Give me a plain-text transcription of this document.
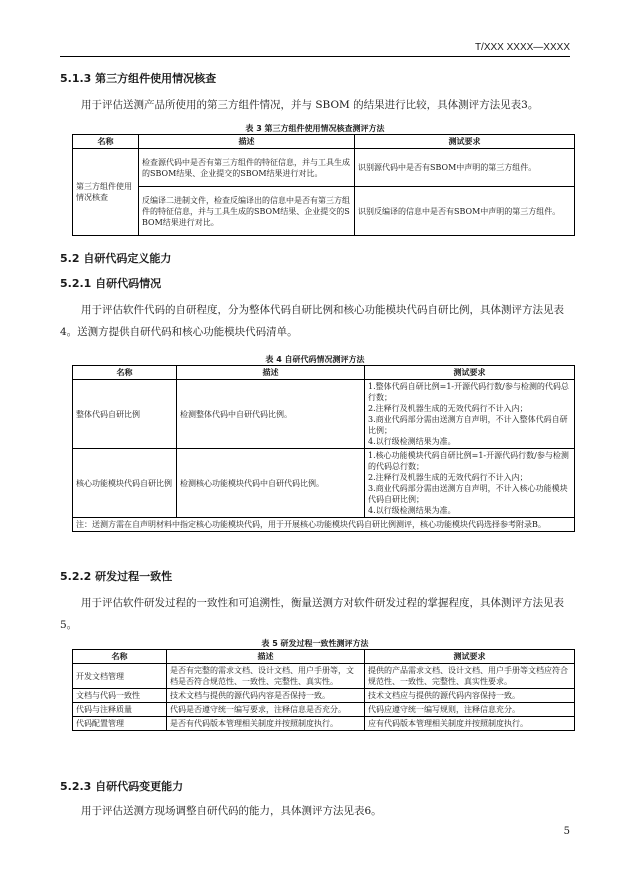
T/XXX XXXX—XXXX
5.1.3 第三方组件使用情况核查

用于评估送测产品所使用的第三方组件情况，并与 SBOM 的结果进行比较，具体测评方法见表3。

表 3 第三方组件使用情况核查测评方法
名称	描述	测试要求
第三方组件使用情况核查	检查源代码中是否有第三方组件的特征信息，并与工具生成的SBOM结果、企业提交的SBOM结果进行对比。	识别源代码中是否有SBOM中声明的第三方组件。
	反编译二进制文件，检查反编译出的信息中是否有第三方组件的特征信息，并与工具生成的SBOM结果、企业提交的SBOM结果进行对比。	识别反编译的信息中是否有SBOM中声明的第三方组件。
5.2 自研代码定义能力
5.2.1 自研代码情况

用于评估软件代码的自研程度，分为整体代码自研比例和核心功能模块代码自研比例，具体测评方法见表4。送测方提供自研代码和核心功能模块代码清单。

表 4 自研代码情况测评方法
名称	描述	测试要求
整体代码自研比例	检测整体代码中自研代码比例。	1.整体代码自研比例=1-开源代码行数/参与检测的代码总行数；
2.注释行及机器生成的无效代码行不计入内；
3.商业代码部分需由送测方自声明，不计入整体代码自研比例；
4.以行级检测结果为准。

核心功能模块代码自研比例	检测核心功能模块代码中自研代码比例。	1.核心功能模块代码自研比例=1-开源代码行数/参与检测的代码总行数；
2.注释行及机器生成的无效代码行不计入内；
3.商业代码部分需由送测方自声明，不计入核心功能模块代码自研比例；
4.以行级检测结果为准。

注：送测方需在自声明材料中指定核心功能模块代码，用于开展核心功能模块代码自研比例测评，核心功能模块代码选择参考附录B。		
5.2.2 研发过程一致性

用于评估软件研发过程的一致性和可追溯性，衡量送测方对软件研发过程的掌握程度，具体测评方法见表5。

表 5 研发过程一致性测评方法
名称	描述	测试要求
开发文档管理	是否有完整的需求文档、设计文档、用户手册等，文档是否符合规范性、一致性、完整性、真实性。	提供的产品需求文档、设计文档、用户手册等文档应符合规范性、一致性、完整性、真实性要求。
文档与代码一致性	技术文档与提供的源代码内容是否保持一致。	技术文档应与提供的源代码内容保持一致。
代码与注释质量	代码是否遵守统一编写要求，注释信息是否充分。	代码应遵守统一编写规则，注释信息充分。
代码配置管理	是否有代码版本管理相关制度并按照制度执行。	应有代码版本管理相关制度并按照制度执行。
5.2.3 自研代码变更能力

用于评估送测方现场调整自研代码的能力，具体测评方法见表6。

5
